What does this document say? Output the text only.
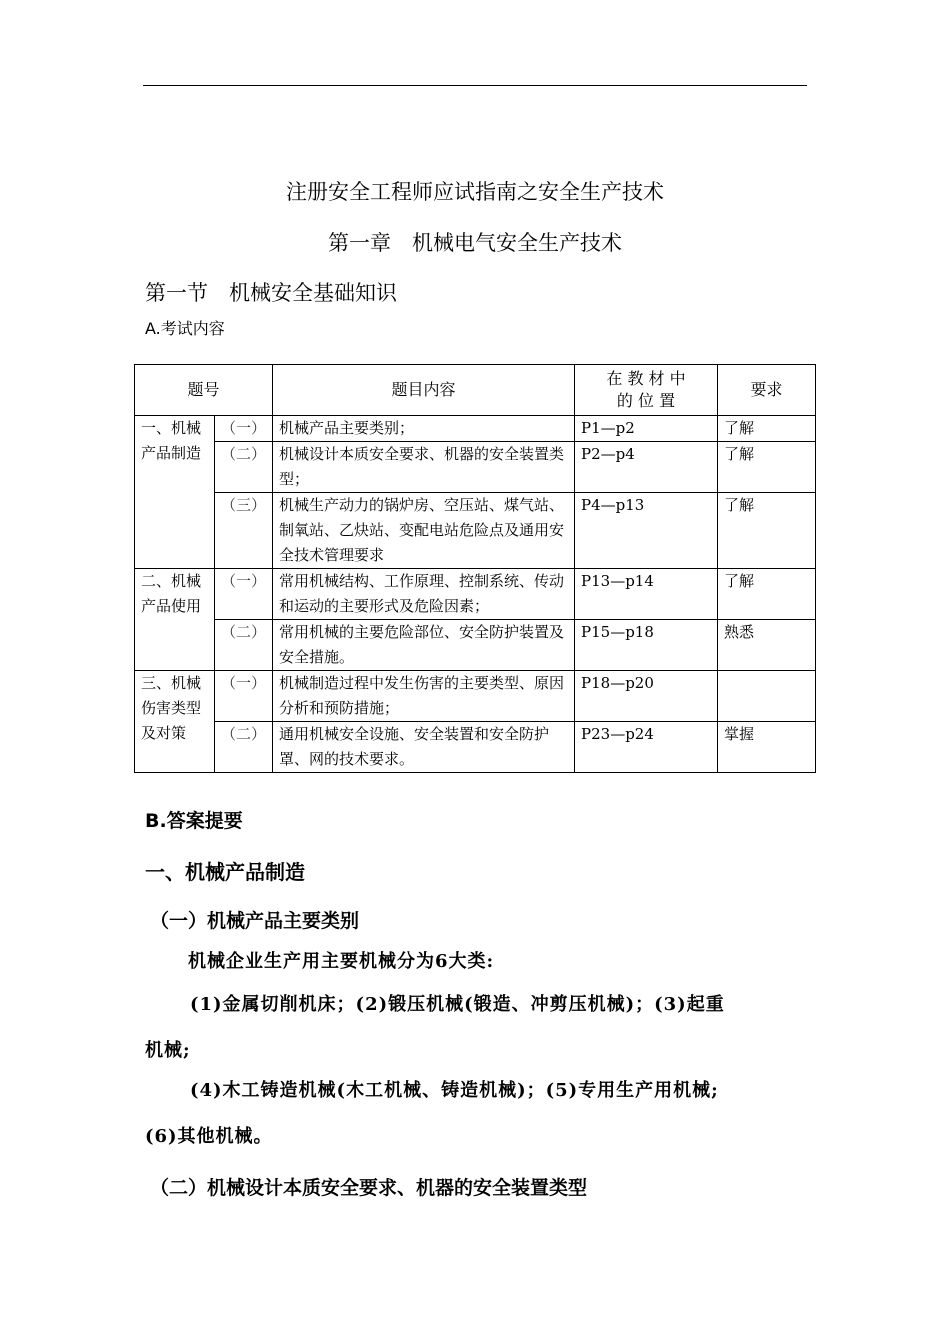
注册安全工程师应试指南之安全生产技术
第一章　机械电气安全生产技术
第一节　机械安全基础知识
A.考试内容
题号		题目内容	在 教 材 中
的 位 置	要求
一、机械产品制造	（一）	机械产品主要类别；	P1—p2	了解
	（二）	机械设计本质安全要求、机器的安全装置类型；	P2—p4	了解
	（三）	机械生产动力的锅炉房、空压站、煤气站、制氧站、乙炔站、变配电站危险点及通用安全技术管理要求	P4—p13	了解
二、机械产品使用	（一）	常用机械结构、工作原理、控制系统、传动和运动的主要形式及危险因素；	P13—p14	了解
	（二）	常用机械的主要危险部位、安全防护装置及安全措施。	P15—p18	熟悉
三、机械伤害类型及对策	（一）	机械制造过程中发生伤害的主要类型、原因分析和预防措施；	P18—p20	
	（二）	通用机械安全设施、安全装置和安全防护罩、网的技术要求。	P23—p24	掌握
B.答案提要
一、机械产品制造
（一）机械产品主要类别
机械企业生产用主要机械分为6大类:
(1)金属切削机床；(2)锻压机械(锻造、冲剪压机械)；(3)起重
机械;
(4)木工铸造机械(木工机械、铸造机械)；(5)专用生产用机械;
(6)其他机械。
（二）机械设计本质安全要求、机器的安全装置类型
